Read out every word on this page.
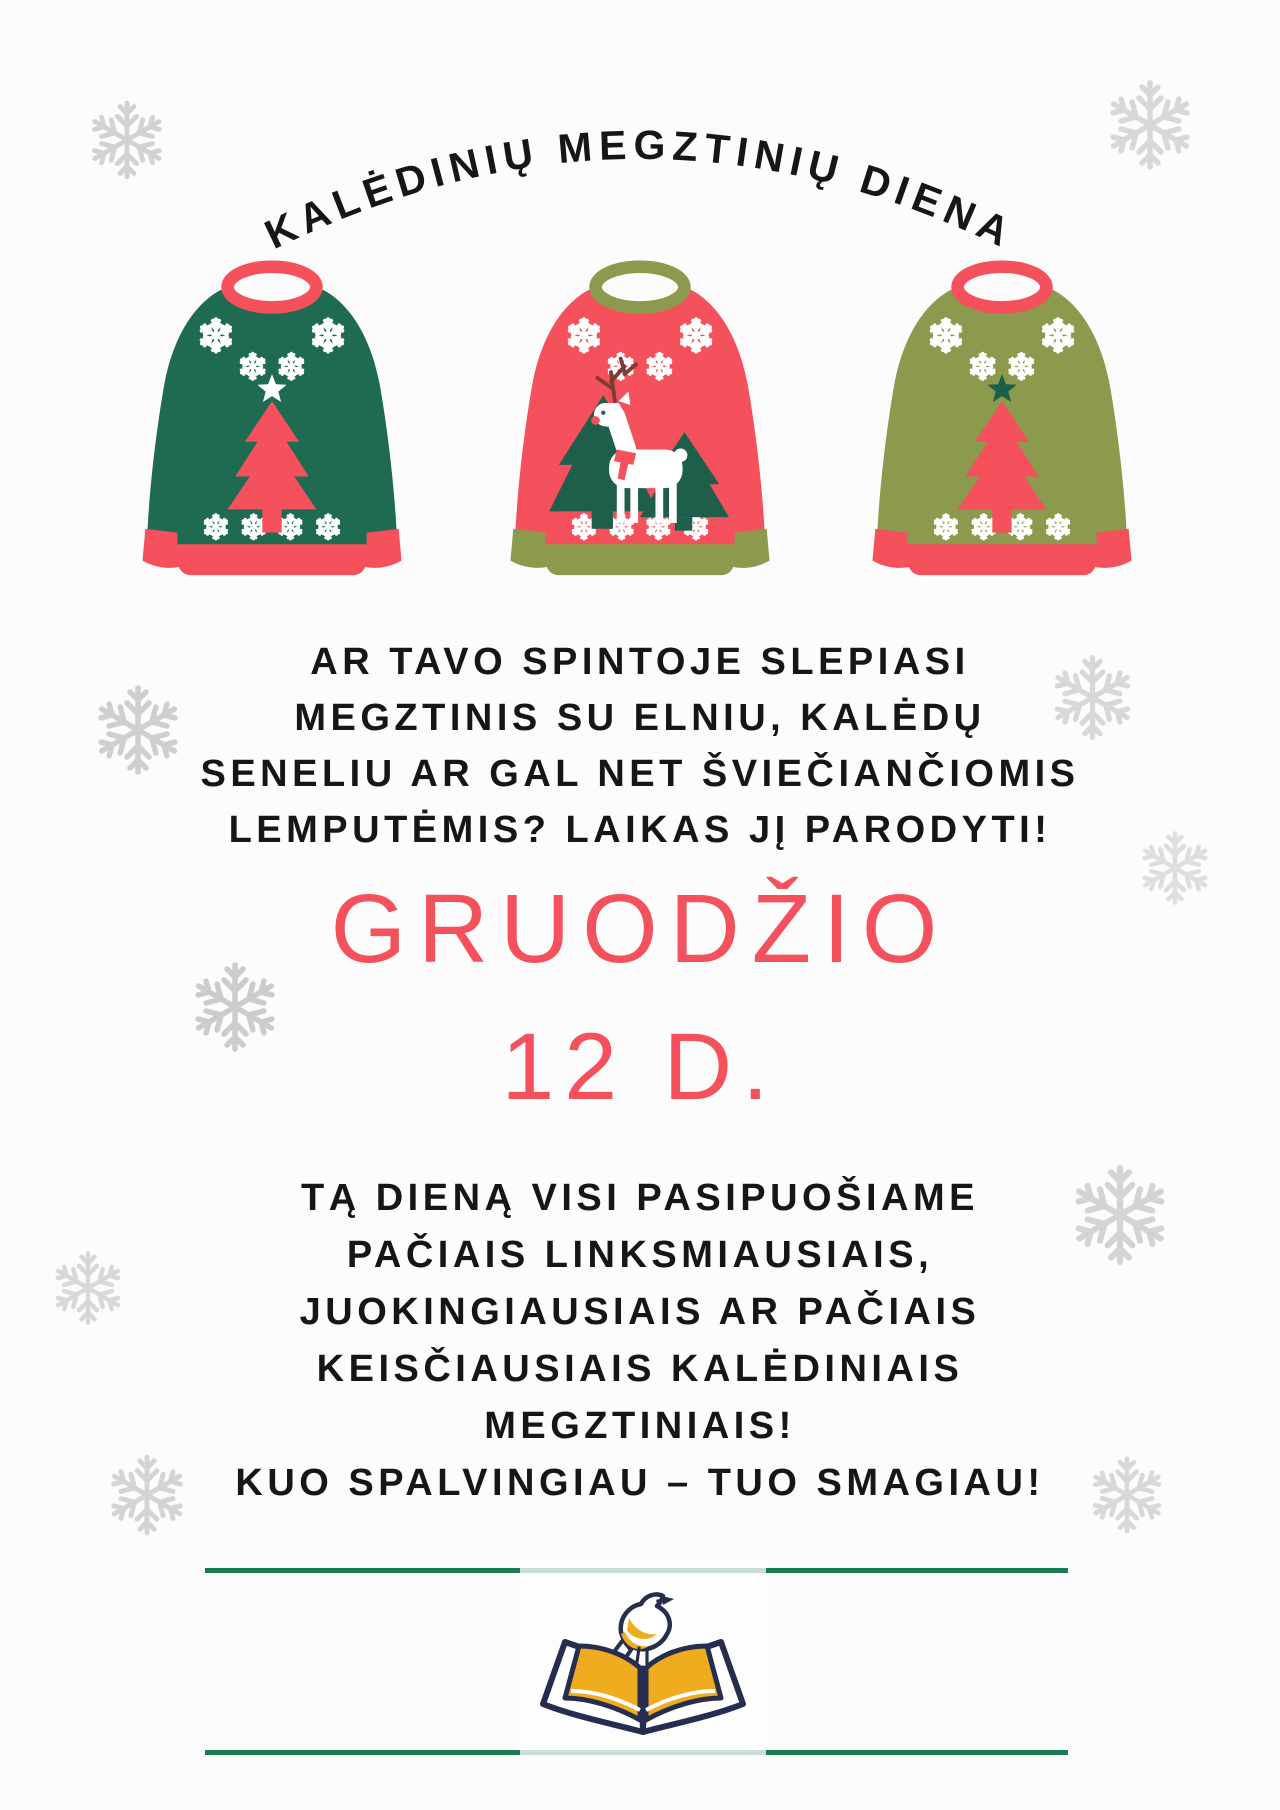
KALĖDINIŲ MEGZTINIŲ DIENA
AR TAVO SPINTOJE SLEPIASI
MEGZTINIS SU ELNIU, KALĖDŲ
SENELIU AR GAL NET ŠVIEČIANČIOMIS
LEMPUTĖMIS? LAIKAS JĮ PARODYTI!
GRUODŽIO
12 D.
TĄ DIENĄ VISI PASIPUOŠIAME
PAČIAIS LINKSMIAUSIAIS,
JUOKINGIAUSIAIS AR PAČIAIS
KEISČIAUSIAIS KALĖDINIAIS
MEGZTINIAIS!
KUO SPALVINGIAU – TUO SMAGIAU!
